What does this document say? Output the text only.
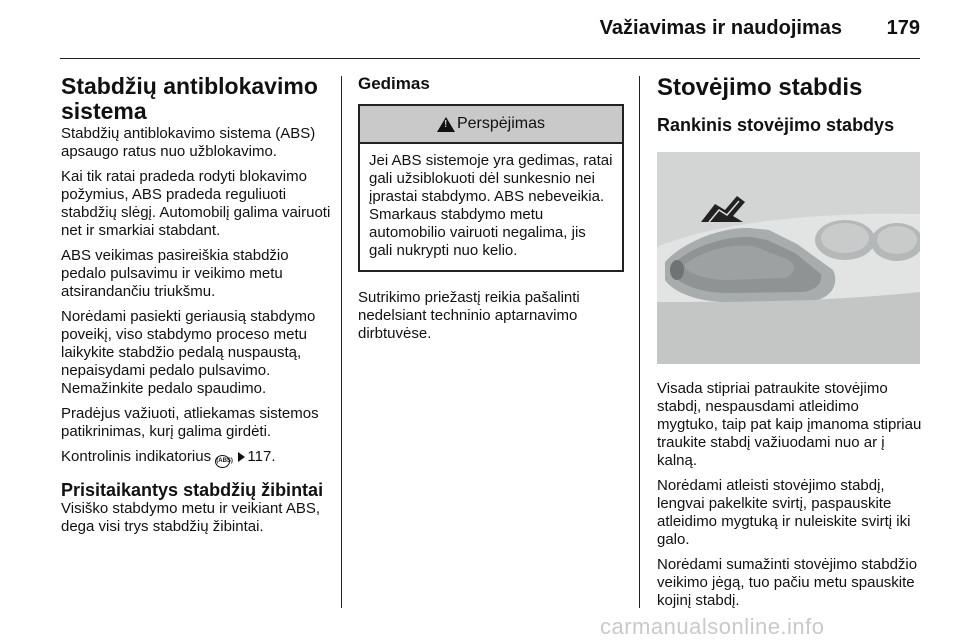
Važiavimas ir naudojimas 179
Stabdžių antiblokavimo sistema

Stabdžių antiblokavimo sistema (ABS) apsaugo ratus nuo užblokavimo.

Kai tik ratai pradeda rodyti blokavimo požymius, ABS pradeda reguliuoti stabdžių slėgį. Automobilį galima vairuoti net ir smarkiai stabdant.

ABS veikimas pasireiškia stabdžio pedalo pulsavimu ir veikimo metu atsirandančiu triukšmu.

Norėdami pasiekti geriausią stabdymo poveikį, viso stabdymo proceso metu laikykite stabdžio pedalą nuspaustą, nepaisydami pedalo pulsavimo. Nemažinkite pedalo spaudimo.

Pradėjus važiuoti, atliekamas sistemos patikrinimas, kurį galima girdėti.

Kontrolinis indikatorius (ABS) 117.

Prisitaikantys stabdžių žibintai

Visiško stabdymo metu ir veikiant ABS, dega visi trys stabdžių žibintai.

Gedimas
!
Perspėjimas
Jei ABS sistemoje yra gedimas, ratai gali užsiblokuoti dėl sunkesnio nei įprastai stabdymo. ABS nebeveikia. Smarkaus stabdymo metu automobilio vairuoti negalima, jis gali nukrypti nuo kelio.

Sutrikimo priežastį reikia pašalinti nedelsiant techninio aptarnavimo dirbtuvėse.

Stovėjimo stabdis
Rankinis stovėjimo stabdys

Visada stipriai patraukite stovėjimo stabdį, nespausdami atleidimo mygtuko, taip pat kaip įmanoma stipriau traukite stabdį važiuodami nuo ar į kalną.

Norėdami atleisti stovėjimo stabdį, lengvai pakelkite svirtį, paspauskite atleidimo mygtuką ir nuleiskite svirtį iki galo.

Norėdami sumažinti stovėjimo stabdžio veikimo jėgą, tuo pačiu metu spauskite kojinį stabdį.

carmanualsonline.info
